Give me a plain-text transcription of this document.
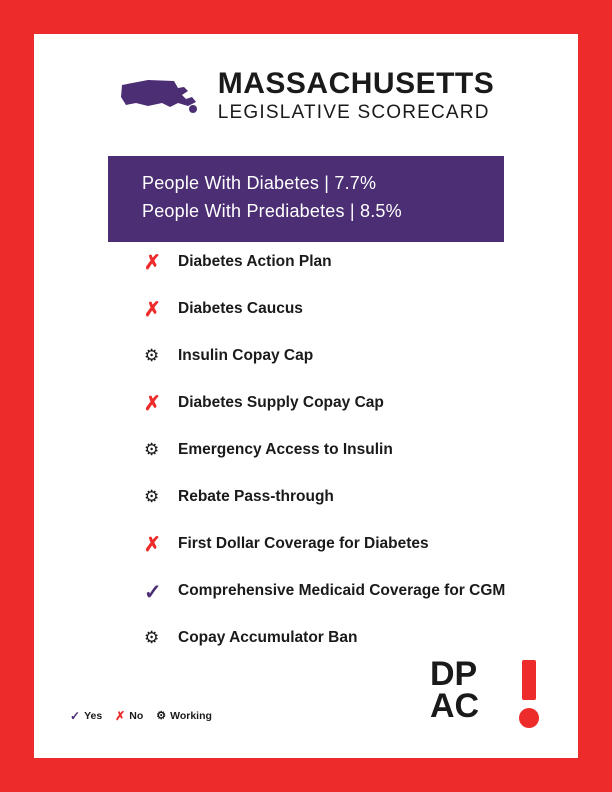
MASSACHUSETTS
LEGISLATIVE SCORECARD
People With Diabetes | 7.7%
People With Prediabetes | 8.5%
✗	Diabetes Action Plan
✗	Diabetes Caucus
⚙	Insulin Copay Cap
✗	Diabetes Supply Copay Cap
⚙	Emergency Access to Insulin
⚙	Rebate Pass-through
✗	First Dollar Coverage for Diabetes
✓	Comprehensive Medicaid Coverage for CGM
⚙	Copay Accumulator Ban
✓ Yes ✗ No ⚙ Working
DP
AC
